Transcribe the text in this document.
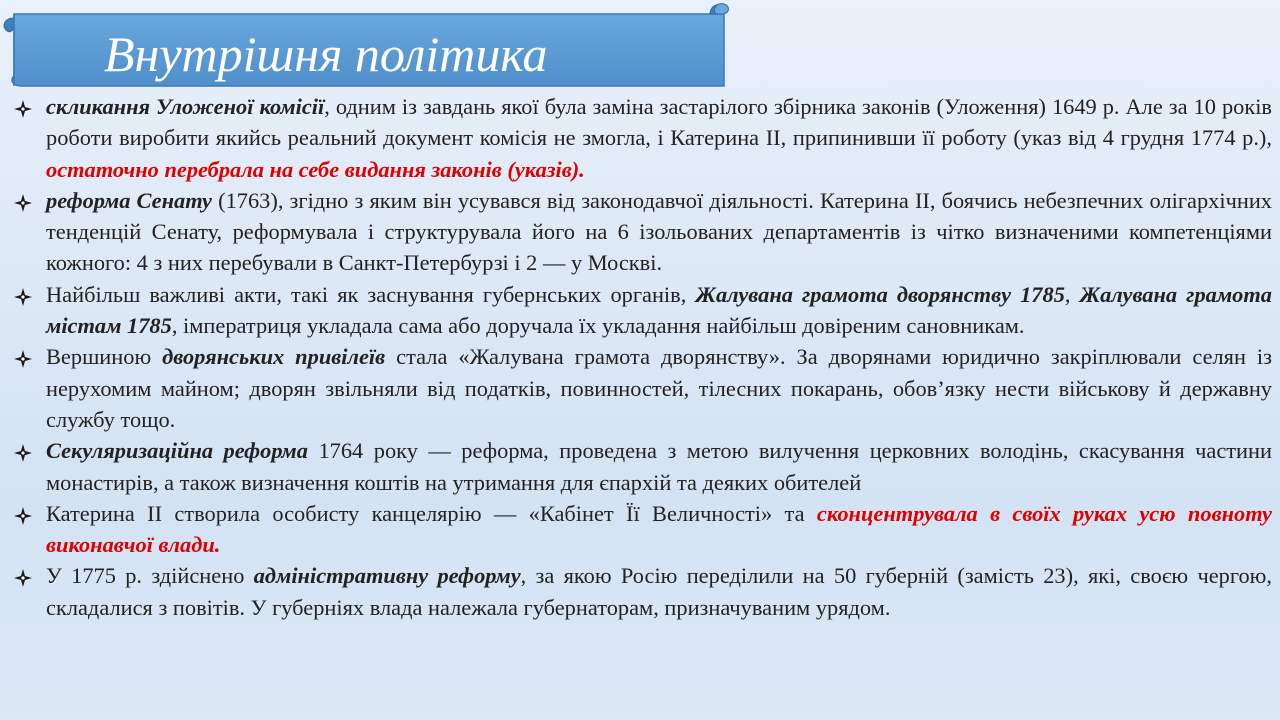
Внутрішня політика
скликання Уложеної комісії, одним із завдань якої була заміна застарілого збірника законів (Уложення) 1649 р. Але за 10 років роботи виробити якийсь реальний документ комісія не змогла, і Катерина II, припинивши її роботу (указ від 4 грудня 1774 р.), остаточно перебрала на себе видання законів (указів).
реформа Сенату (1763), згідно з яким він усувався від законодавчої діяльності. Катерина II, боячись небезпечних олігархічних тенденцій Сенату, реформувала і структурувала його на 6 ізольованих департаментів із чітко визначеними компетенціями кожного: 4 з них перебували в Санкт-Петербурзі і 2 — у Москві.
Найбільш важливі акти, такі як заснування губернських органів, Жалувана грамота дворянству 1785, Жалувана грамота містам 1785, імператриця укладала сама або доручала їх укладання найбільш довіреним сановникам.
Вершиною дворянських привілеїв стала «Жалувана грамота дворянству». За дворянами юридично закріплювали селян із нерухомим майном; дворян звільняли від податків, повинностей, тілесних покарань, обов’язку нести військову й державну службу тощо.
Секуляризаційна реформа 1764 року — реформа, проведена з метою вилучення церковних володінь, скасування частини монастирів, а також визначення коштів на утримання для єпархій та деяких обителей
Катерина II створила особисту канцелярію — «Кабінет Її Величності» та сконцентрувала в своїх руках усю повноту виконавчої влади.
У 1775 р. здійснено адміністративну реформу, за якою Росію переділили на 50 губерній (замість 23), які, своєю чергою, складалися з повітів. У губерніях влада належала губернаторам, призначуваним урядом.
